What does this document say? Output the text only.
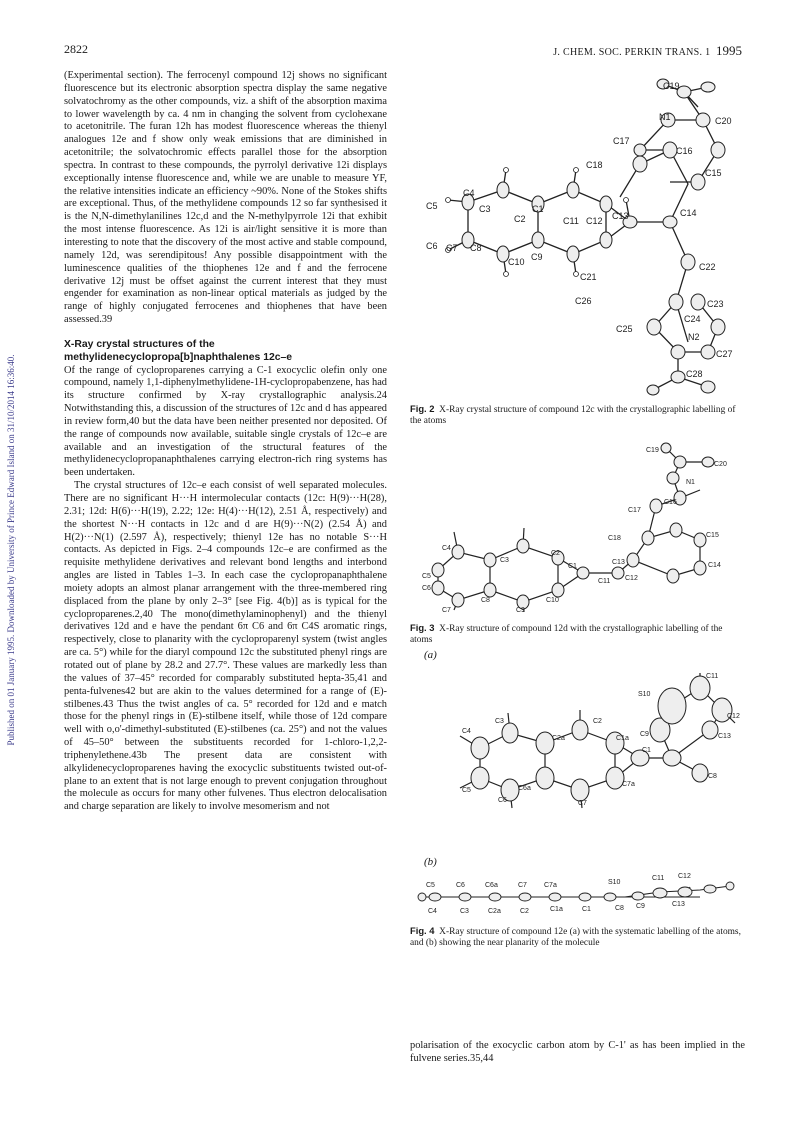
2822	J. CHEM. SOC. PERKIN TRANS. 1 1995
Published on 01 January 1995. Downloaded by University of Prince Edward Island on 31/10/2014 16:36:40.

(Experimental section). The ferrocenyl compound 12j shows no significant fluorescence but its electronic absorption spectra display the same negative solvatochromy as the other compounds, viz. a shift of the absorption maxima to lower wavelength by ca. 4 nm in changing the solvent from cyclohexane to acetonitrile. The furan 12h has modest fluorescence whereas the thienyl analogues 12e and f show only weak emissions that are diminished in acetonitrile; the solvatochromic effects parallel those for the absorption spectra. In contrast to these compounds, the pyrrolyl derivative 12i displays exceptionally intense fluorescence and, while we are unable to measure YF, the relative intensities indicate an efficiency ~90%. None of the Stokes shifts are exceptional. Thus, of the methylidene compounds 12 so far synthesised it is the N,N-dimethylanilines 12c,d and the N-methylpyrrole 12i that exhibit the most intense fluorescence. As 12i is air/light sensitive it is more than interesting to note that the discovery of the most active and stable compound, namely 12d, was serendipitous! Any possible disappointment with the luminescence qualities of the thiophenes 12e and f and the ferrocene derivative 12j must be offset against the current interest that they must engender for examination as non-linear optical materials as judged by the range of highly conjugated ferrocenes and thiophenes that have been assessed.39

X-Ray crystal structures of the methylidenecyclopropa[b]naphthalenes 12c–e

Of the range of cycloproparenes carrying a C-1 exocyclic olefin only one compound, namely 1,1-diphenylmethylidene-1H-cyclopropabenzene, has had its structure confirmed by X-ray crystallographic analysis.24 Notwithstanding this, a discussion of the structures of 12c and d has appeared in review form,40 but the data have been neither presented nor deposited. Of the range of compounds now available, suitable single crystals of 12c–e are available and an investigation of the structural features of the methylidenecyclopropanaphthalenes carrying electron-rich ring systems has been undertaken.

The crystal structures of 12c–e each consist of well separated molecules. There are no significant H···H intermolecular contacts (12c: H(9)···H(28), 2.31; 12d: H(6)···H(19), 2.22; 12e: H(4)···H(12), 2.51 Å, respectively) and the shortest N···H contacts in 12c and d are H(9)···N(2) (2.54 Å) and H(2)···N(1) (2.597 Å), respectively; thienyl 12e has no notable S···H contacts. As depicted in Figs. 2–4 compounds 12c–e are confirmed as the requisite methylidene derivatives and relevant bond lengths and interbond angles are listed in Tables 1–3. In each case the cyclopropanaphthalene moiety adopts an almost planar arrangement with the three-membered ring displaced from the plane by only 2–3° [see Fig. 4(b)] as is typical for the cycloproparenes.2,40 The mono(dimethylaminophenyl) and the thienyl derivatives 12d and e have the pendant 6π C6 and 6π C4S aromatic rings, respectively, close to planarity with the cycloproparenyl system (twist angles are ca. 5°) while for the diaryl compound 12c the substituted phenyl rings are rotated out of plane by 28.2 and 27.7°. These values are markedly less than the values of 37–45° recorded for comparably substituted hepta-35,41 and penta-fulvenes42 but are akin to the values determined for a range of (E)-stilbenes.43 Thus the twist angles of ca. 5° recorded for 12d and e match those for the phenyl rings in (E)-stilbene itself, while those of 12d compare well with o,o'-dimethyl-substituted (E)-stilbenes (ca. 25°) and not the values of 45–50° between the substituents recorded for 1-chloro-1,2,2-triphenylethene.43b The present data are consistent with alkylidenecycloproparenes having the exocyclic substituents twisted out-of-plane to an extent that is not large enough to prevent conjugation throughout the molecule as occurs for many other fulvenes. Thus electron delocalisation and charge separation are likely to involve mesomerism and not

C19
N1	C20
C17
C16
C18
C15
C14
C13
C12
C11
C1
C2
C3
C4
C5
C6 C7 C8
C9
C10
C21
C22
C23
C24
C25
C26
N2
C27
C28
Fig. 2 X-Ray crystal structure of compound 12c with the crystallographic labelling of the atoms
C19
N1
C20
C16
C17
C18	C15
C14
C13
C12
C11
C1
C2
C3
C4
C5
C6
C7
C8
C9
C10
Fig. 3 X-Ray structure of compound 12d with the crystallographic labelling of the atoms
(a)
S10
C11
C12
C13
C9
C8
C1
C1a
C2
C2a
C3
C4
C5
C6
C6a
C7
C7a
(b)
C5	C6	C6a	C7 C7a
C4	C3	C2a	C2	C1a	C1
S10
C11 C12
C8 C9	C13
Fig. 4 X-Ray structure of compound 12e (a) with the systematic labelling of the atoms, and (b) showing the near planarity of the molecule
polarisation of the exocyclic carbon atom by C-1' as has been implied in the fulvene series.35,44
